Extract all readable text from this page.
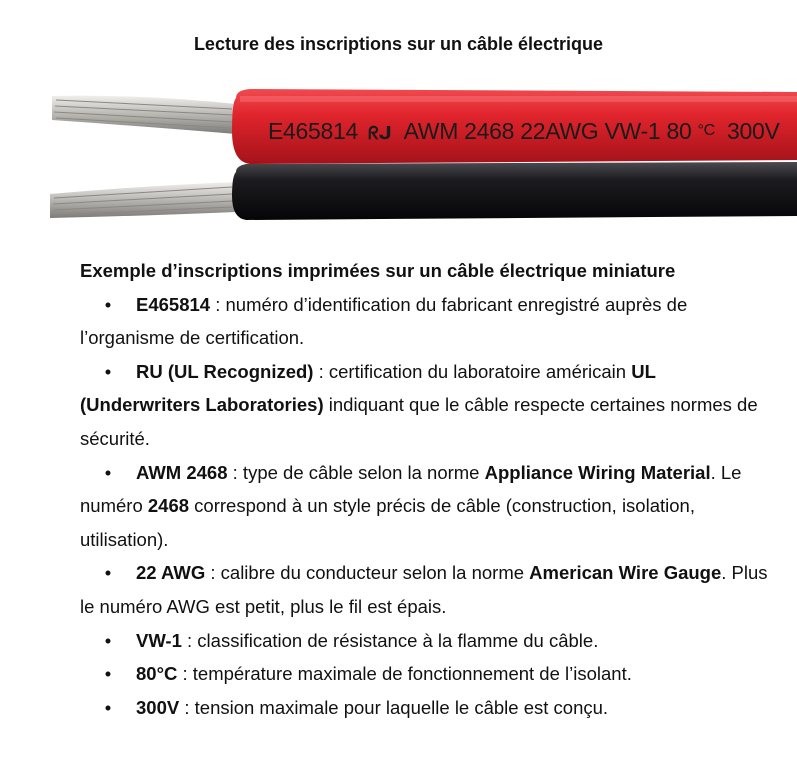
Lecture des inscriptions sur un câble électrique
E465814 ᖇᒍ AWM 2468 22AWG VW-1 80 °C 300V

Exemple d’inscriptions imprimées sur un câble électrique miniature

• E465814 : numéro d’identification du fabricant enregistré auprès de l’organisme de certification.

• RU (UL Recognized) : certification du laboratoire américain UL (Underwriters Laboratories) indiquant que le câble respecte certaines normes de sécurité.

• AWM 2468 : type de câble selon la norme Appliance Wiring Material. Le numéro 2468 correspond à un style précis de câble (construction, isolation, utilisation).

• 22 AWG : calibre du conducteur selon la norme American Wire Gauge. Plus le numéro AWG est petit, plus le fil est épais.

• VW-1 : classification de résistance à la flamme du câble.

• 80°C : température maximale de fonctionnement de l’isolant.

• 300V : tension maximale pour laquelle le câble est conçu.
